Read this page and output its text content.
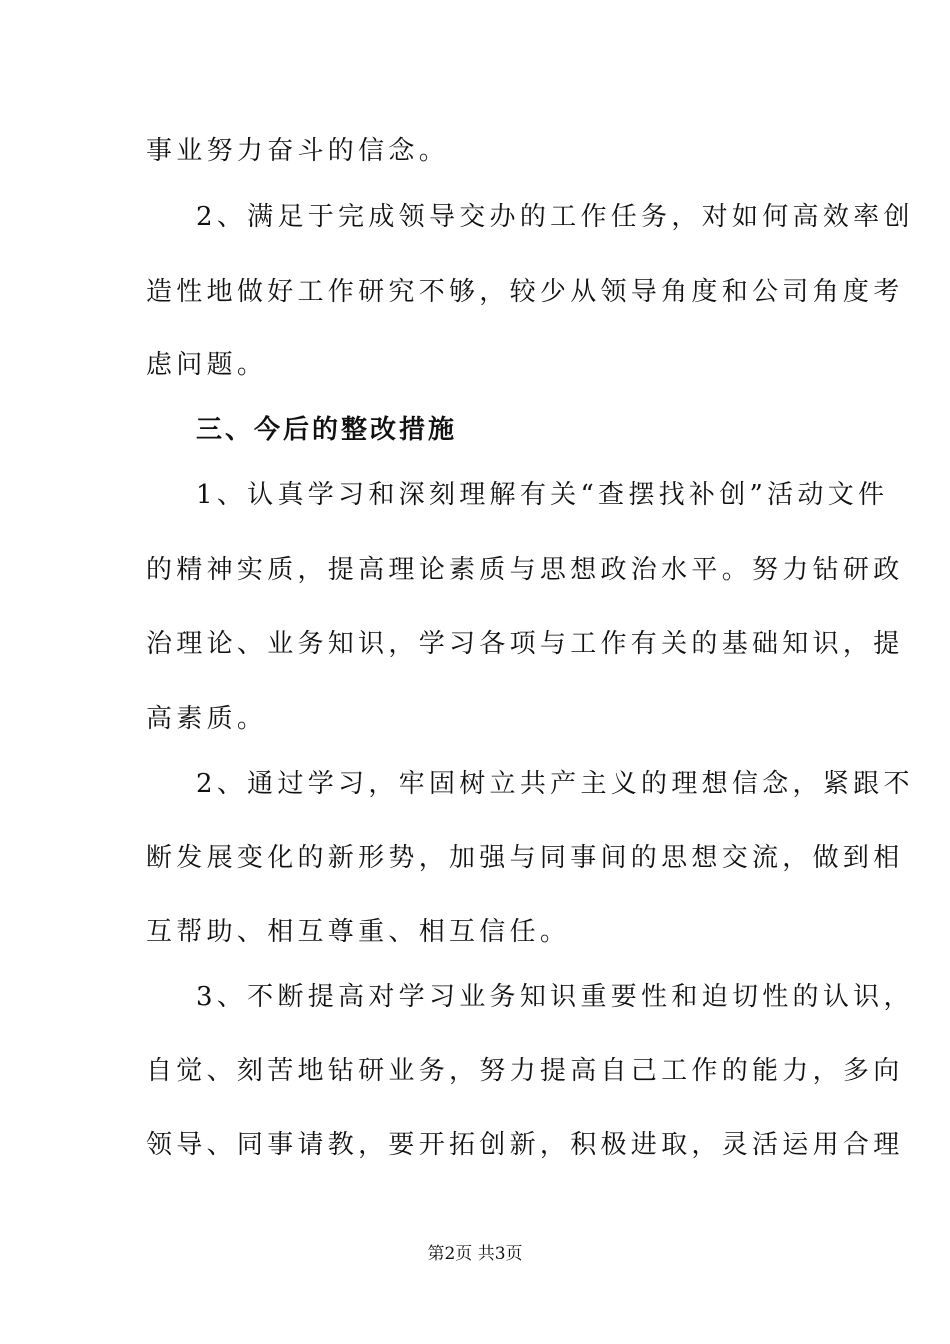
事业努力奋斗的信念。
2、满足于完成领导交办的工作任务，对如何高效率创
造性地做好工作研究不够，较少从领导角度和公司角度考
虑问题。
三、今后的整改措施
1、认真学习和深刻理解有关“查摆找补创”活动文件
的精神实质，提高理论素质与思想政治水平。努力钻研政
治理论、业务知识，学习各项与工作有关的基础知识，提
高素质。
2、通过学习，牢固树立共产主义的理想信念，紧跟不
断发展变化的新形势，加强与同事间的思想交流，做到相
互帮助、相互尊重、相互信任。
3、不断提高对学习业务知识重要性和迫切性的认识，
自觉、刻苦地钻研业务，努力提高自己工作的能力，多向
领导、同事请教，要开拓创新，积极进取，灵活运用合理
第2页 共3页
